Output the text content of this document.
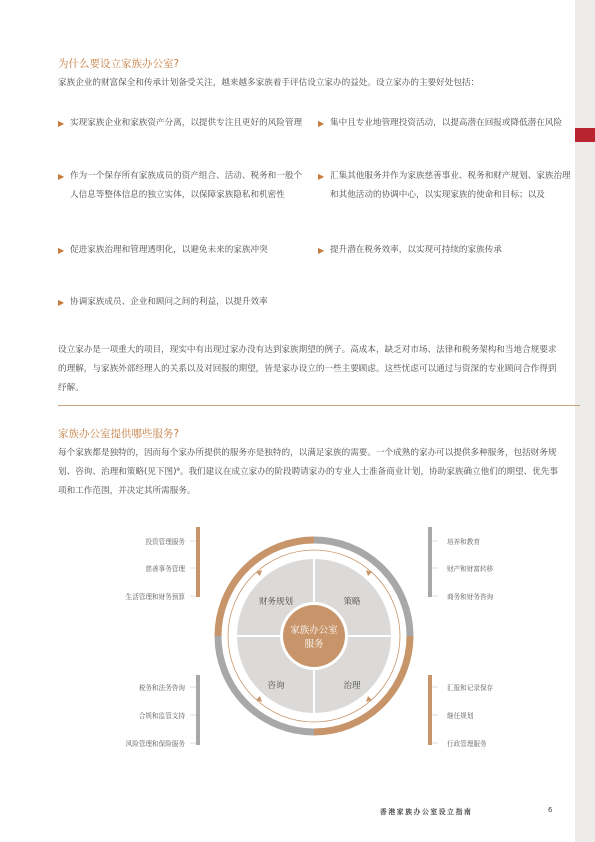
为什么要设立家族办公室?
家族企业的财富保全和传承计划备受关注，越来越多家族着手评估设立家办的益处。设立家办的主要好处包括：
▶ 实现家族企业和家族资产分离，以提供专注且更好的风险管理
▶ 作为一个保存所有家族成员的资产组合、活动、税务和一般个人信息等整体信息的独立实体，以保障家族隐私和机密性
▶ 促进家族治理和管理透明化，以避免未来的家族冲突
▶ 协调家族成员、企业和顾问之间的利益，以提升效率
▶ 集中且专业地管理投资活动，以提高潜在回报或降低潜在风险
▶ 汇集其他服务并作为家族慈善事业、税务和财产规划、家族治理和其他活动的协调中心，以实现家族的使命和目标；以及
▶ 提升潜在税务效率，以实现可持续的家族传承
设立家办是一项重大的项目，现实中有出现过家办没有达到家族期望的例子。高成本，缺乏对市场、法律和税务架构和当地合规要求的理解，与家族外部经理人的关系以及对回报的期望，皆是家办设立的一些主要顾虑。这些忧虑可以通过与资深的专业顾问合作得到纾解。
家族办公室提供哪些服务?
每个家族都是独特的，因而每个家办所提供的服务亦是独特的，以满足家族的需要。一个成熟的家办可以提供多种服务，包括财务规划、咨询、治理和策略(见下图)⁹。我们建议在成立家办的阶段聘请家办的专业人士准备商业计划，协助家族确立他们的期望、优先事项和工作范围，并决定其所需服务。
财务规划	策略
咨询	治理
家族办公室
服务
投资管理服务
慈善事务管理
生活管理和财务预算
培养和教育
财产和财富转移
商务和财务咨询
税务和法务咨询
合规和监管支持
风险管理和保险服务
汇报和记录保存
继任规划
行政管理服务
香港家族办公室设立指南	6
